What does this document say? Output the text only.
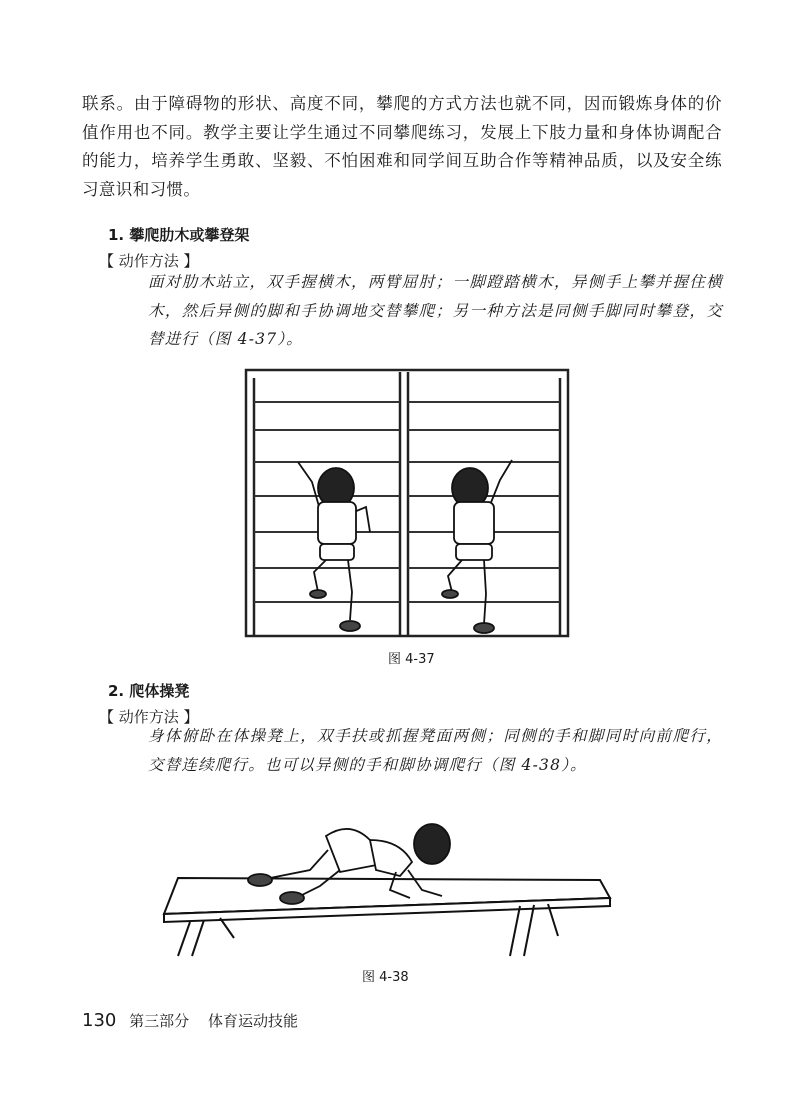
联系。由于障碍物的形状、高度不同，攀爬的方式方法也就不同，因而锻炼身体的价值作用也不同。教学主要让学生通过不同攀爬练习，发展上下肢力量和身体协调配合的能力，培养学生勇敢、坚毅、不怕困难和同学间互助合作等精神品质，以及安全练习意识和习惯。

1. 攀爬肋木或攀登架

【 动作方法 】

面对肋木站立，双手握横木，两臂屈肘；一脚蹬踏横木，异侧手上攀并握住横木，然后异侧的脚和手协调地交替攀爬；另一种方法是同侧手脚同时攀登，交替进行（图 4-37）。

图 4-37

2. 爬体操凳

【 动作方法 】

身体俯卧在体操凳上，双手扶或抓握凳面两侧；同侧的手和脚同时向前爬行，交替连续爬行。也可以异侧的手和脚协调爬行（图 4-38）。

图 4-38

130 第三部分 体育运动技能
